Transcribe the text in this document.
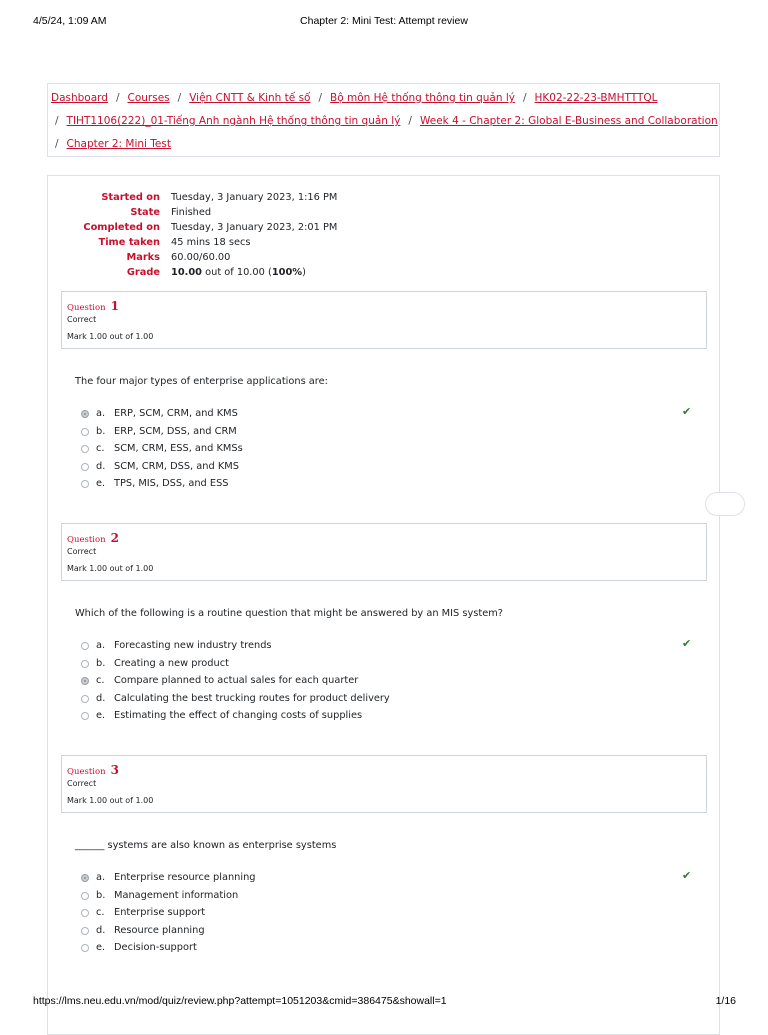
4/5/24, 1:09 AM	Chapter 2: Mini Test: Attempt review
Dashboard / Courses / Viện CNTT & Kinh tế số / Bộ môn Hệ thống thông tin quản lý / HK02-22-23-BMHTTTQL
/ TIHT1106(222)_01-Tiếng Anh ngành Hệ thống thông tin quản lý / Week 4 - Chapter 2: Global E-Business and Collaboration
/ Chapter 2: Mini Test
Started on Tuesday, 3 January 2023, 1:16 PM
State Finished
Completed on Tuesday, 3 January 2023, 2:01 PM
Time taken 45 mins 18 secs
Marks 60.00/60.00
Grade 10.00 out of 10.00 (100%)
Question 1
Correct
Mark 1.00 out of 1.00
The four major types of enterprise applications are:
a. ERP, SCM, CRM, and KMS	✔
b. ERP, SCM, DSS, and CRM
c. SCM, CRM, ESS, and KMSs
d. SCM, CRM, DSS, and KMS
e. TPS, MIS, DSS, and ESS
Question 2
Correct
Mark 1.00 out of 1.00
Which of the following is a routine question that might be answered by an MIS system?
a. Forecasting new industry trends
b. Creating a new product
c. Compare planned to actual sales for each quarter
✔
d. Calculating the best trucking routes for product delivery
e. Estimating the effect of changing costs of supplies
Question 3
Correct
Mark 1.00 out of 1.00
______ systems are also known as enterprise systems
a. Enterprise resource planning	✔
b. Management information
c. Enterprise support
d. Resource planning
e. Decision-support
https://lms.neu.edu.vn/mod/quiz/review.php?attempt=1051203&cmid=386475&showall=1	1/16
